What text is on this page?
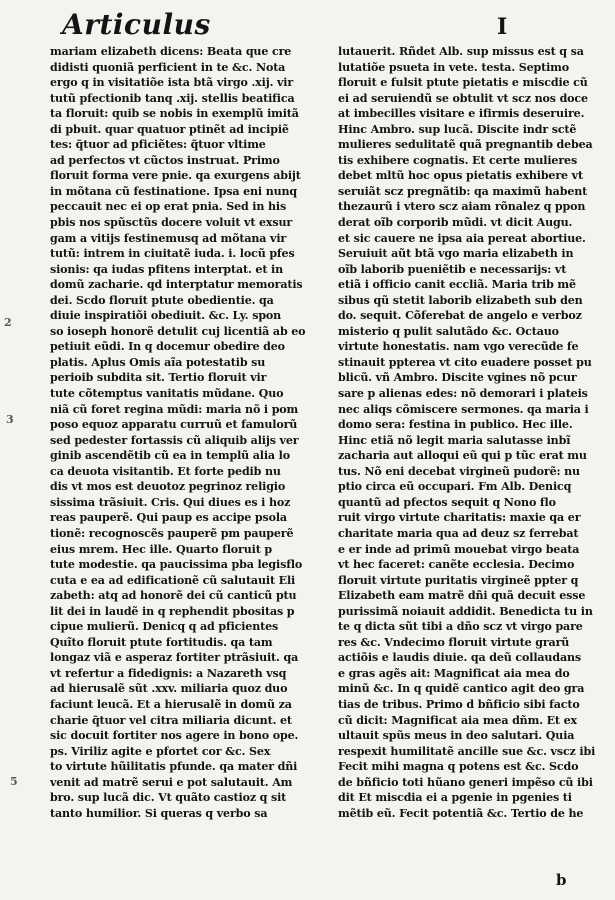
Articulus	I
2
3
5
mariam elizabeth dicens: Beata que cre
didisti quoniã perficient in te &c. Nota
ergo q in visitatiõe ista btã virgo .xij. vir
tutũ pfectionib tanq .xij. stellis beatifica
ta floruit: quib se nobis in exemplũ imitã
di pbuit. quar quatuor ptinẽt ad incipiẽ
tes: q̃tuor ad pficiẽtes: q̃tuor vltime
ad perfectos vt cũctos instruat. Primo
floruit forma vere pnie. qa exurgens abijt
in mõtana cũ festinatione. Ipsa eni nunq
peccauit nec ei op erat pnia. Sed in his
pbis nos spũsctũs docere voluit vt exsur
gam a vitijs festinemusq ad mõtana vir
tutũ: intrem in ciuitatẽ iuda. i. locũ pfes
sionis: qa iudas pfitens interptat. et in
domũ zacharie. qd interptatur memoratis
dei. Scdo floruit ptute obedientie. qa
diuie inspiratiõi obediuit. &c. Ly. spon
so ioseph honorẽ detulit cuj licentiã ab eo
petiuit eũdi. In q docemur obedire deo
platis. Aplus Omis aĩa potestatib su
perioib subdita sit. Tertio floruit vir
tute cõtemptus vanitatis mũdane. Quo
niã cũ foret regina mũdi: maria nõ i pom
poso equoz apparatu curruũ et famulorũ
sed pedester fortassis cũ aliquib alijs ver
ginib ascendẽtib cũ ea in templũ alia lo
ca deuota visitantib. Et forte pedib nu
dis vt mos est deuotoz pegrinoz religio
sissima trãsiuit. Cris. Qui diues es i hoz
reas pauperẽ. Qui paup es accipe psola
tionẽ: recognoscẽs pauperẽ pm pauperẽ
eius mrem. Hec ille. Quarto floruit p
tute modestie. qa paucissima pba legisflo
cuta e ea ad edificationẽ cũ salutauit Eli
zabeth: atq ad honorẽ dei cũ canticũ ptu
lit dei in laudẽ in q rephendit pbositas p
cipue mulierũ. Denicq q ad pficientes
Quĩto floruit ptute fortitudis. qa tam
longaz viã e asperaz fortiter ptrãsiuit. qa
vt refertur a fidedignis: a Nazareth vsq
ad hierusalẽ sũt .xxv. miliaria quoz duo
faciunt leucã. Et a hierusalẽ in domũ za
charie q̃tuor vel citra miliaria dicunt. et
sic docuit fortiter nos agere in bono ope.
ps. Viriliz agite e pfortet cor &c. Sex
to virtute hũilitatis pfunde. qa mater dñi
venit ad matrẽ serui e pot salutauit. Am
bro. sup lucã dic. Vt quãto castioz q sit
tanto humilior. Si queras q verbo sa
lutauerit. Rñdet Alb. sup missus est q sa
lutatiõe psueta in vete. testa. Septimo
floruit e fulsit ptute pietatis e miscdie cũ
ei ad seruiendũ se obtulit vt scz nos doce
at imbecilles visitare e ifirmis deseruire.
Hinc Ambro. sup lucã. Discite indr sctẽ
mulieres sedulitatẽ quã pregnantib debea
tis exhibere cognatis. Et certe mulieres
debet mltũ hoc opus pietatis exhibere vt
seruiãt scz pregnãtib: qa maximũ habent
thezaurũ i vtero scz aiam rõnalez q ppon
derat oĩb corporib mũdi. vt dicit Augu.
et sic cauere ne ipsa aia pereat abortiue.
Seruiuit aũt btã vgo maria elizabeth in
oĩb laborib pueniẽtib e necessarijs: vt
etiã i officio canit eccliã. Maria trib mẽ
sibus qũ stetit laborib elizabeth sub den
do. sequit. Cõferebat de angelo e verboz
misterio q pulit salutãdo &c. Octauo
virtute honestatis. nam vgo verecũde fe
stinauit ppterea vt cito euadere posset pu
blicũ. vñ Ambro. Discite vgines nõ pcur
sare p alienas edes: nõ demorari i plateis
nec aliqs cõmiscere sermones. qa maria i
domo sera: festina in publico. Hec ille.
Hinc etiã nõ legit maria salutasse inbĩ
zacharia aut alloqui eũ qui p tũc erat mu
tus. Nõ eni decebat virgineũ pudorẽ: nu
ptio circa eũ occupari. Fm Alb. Denicq
quantũ ad pfectos sequit q Nono flo
ruit virgo virtute charitatis: maxie qa er
charitate maria qua ad deuz sz ferrebat
e er inde ad primũ mouebat virgo beata
vt hec faceret: canẽte ecclesia. Decimo
floruit virtute puritatis virgineẽ ppter q
Elizabeth eam matrẽ dñi quã decuit esse
purissimã noiauit addidit. Benedicta tu in
te q dicta sũt tibi a dño scz vt virgo pare
res &c. Vndecimo floruit virtute grarũ
actiõis e laudis diuie. qa deũ collaudans
e gras agẽs ait: Magnificat aia mea do
minũ &c. In q quidẽ cantico agit deo gra
tias de tribus. Primo d bñficio sibi facto
cũ dicit: Magnificat aia mea dñm. Et ex
ultauit spũs meus in deo salutari. Quia
respexit humilitatẽ ancille sue &c. vscz ibi
Fecit mihi magna q potens est &c. Scdo
de bñficio toti hũano generi impẽso cũ ibi
dit Et miscdia ei a pgenie in pgenies ti
mẽtib eũ. Fecit potentiã &c. Tertio de he
b
